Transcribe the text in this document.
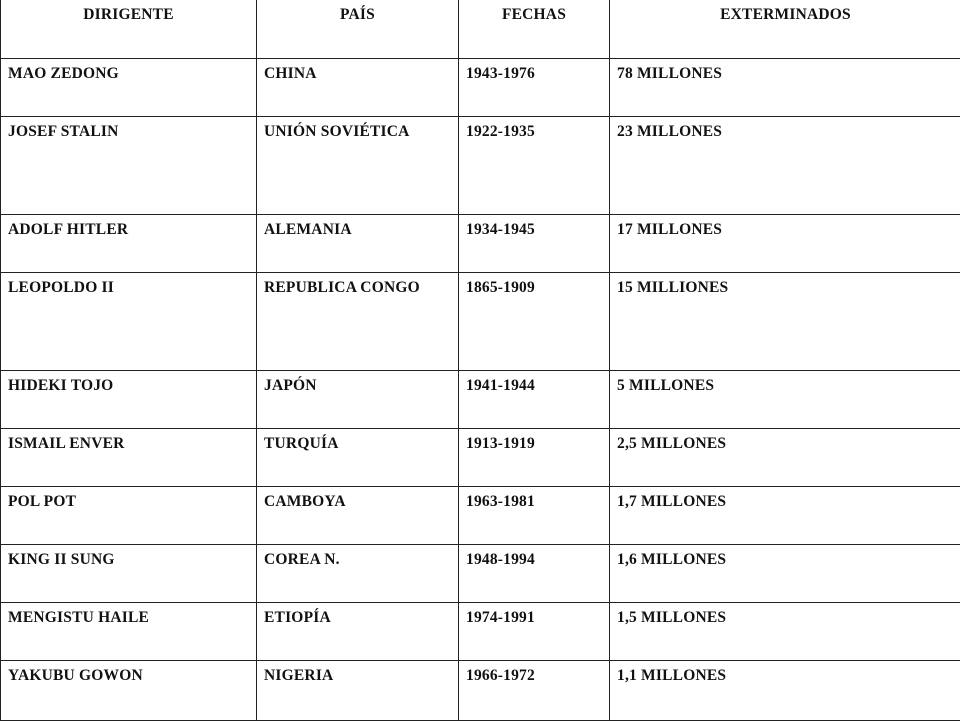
DIRIGENTE	PAÍS	FECHAS	EXTERMINADOS
MAO ZEDONG	CHINA	1943-1976	78 MILLONES
JOSEF STALIN	UNIÓN SOVIÉTICA	1922-1935	23 MILLONES
ADOLF HITLER	ALEMANIA	1934-1945	17 MILLONES
LEOPOLDO II	REPUBLICA CONGO	1865-1909	15 MILLIONES
HIDEKI TOJO	JAPÓN	1941-1944	5 MILLONES
ISMAIL ENVER	TURQUÍA	1913-1919	2,5 MILLONES
POL POT	CAMBOYA	1963-1981	1,7 MILLONES
KING II SUNG	COREA N.	1948-1994	1,6 MILLONES
MENGISTU HAILE	ETIOPÍA	1974-1991	1,5 MILLONES
YAKUBU GOWON	NIGERIA	1966-1972	1,1 MILLONES
